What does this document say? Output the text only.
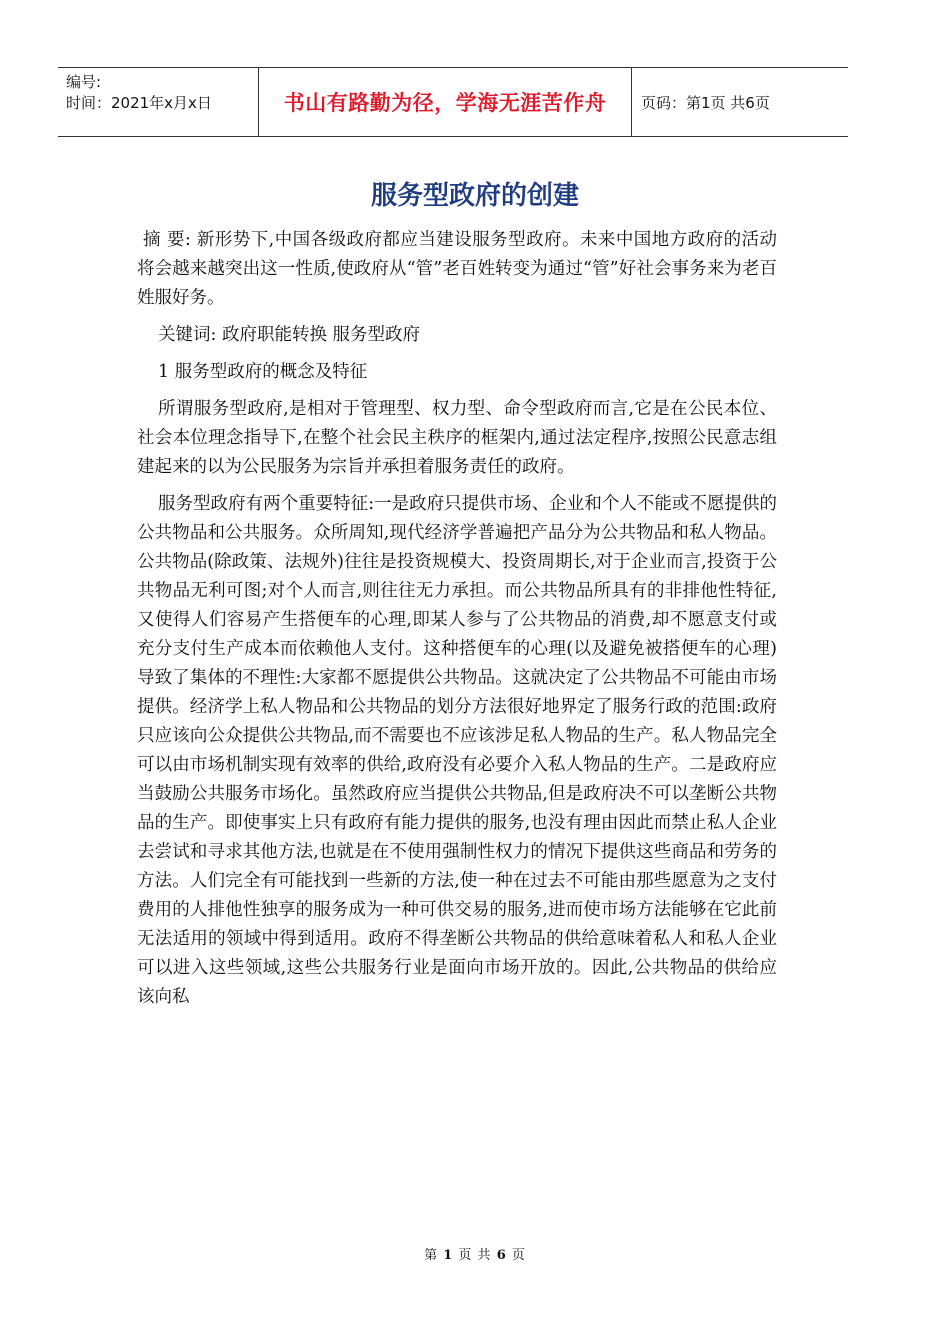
编号:
时间：2021年x月x日	书山有路勤为径，学海无涯苦作舟 页码：第1页 共6页
服务型政府的创建

摘 要: 新形势下,中国各级政府都应当建设服务型政府。未来中国地方政府的活动将会越来越突出这一性质,使政府从“管”老百姓转变为通过“管”好社会事务来为老百姓服好务。

关键词: 政府职能转换 服务型政府

1 服务型政府的概念及特征

所谓服务型政府,是相对于管理型、权力型、命令型政府而言,它是在公民本位、社会本位理念指导下,在整个社会民主秩序的框架内,通过法定程序,按照公民意志组建起来的以为公民服务为宗旨并承担着服务责任的政府。

服务型政府有两个重要特征:一是政府只提供市场、企业和个人不能或不愿提供的公共物品和公共服务。众所周知,现代经济学普遍把产品分为公共物品和私人物品。公共物品(除政策、法规外)往往是投资规模大、投资周期长,对于企业而言,投资于公共物品无利可图;对个人而言,则往往无力承担。而公共物品所具有的非排他性特征,又使得人们容易产生搭便车的心理,即某人参与了公共物品的消费,却不愿意支付或充分支付生产成本而依赖他人支付。这种搭便车的心理(以及避免被搭便车的心理)导致了集体的不理性:大家都不愿提供公共物品。这就决定了公共物品不可能由市场提供。经济学上私人物品和公共物品的划分方法很好地界定了服务行政的范围:政府只应该向公众提供公共物品,而不需要也不应该涉足私人物品的生产。私人物品完全可以由市场机制实现有效率的供给,政府没有必要介入私人物品的生产。二是政府应当鼓励公共服务市场化。虽然政府应当提供公共物品,但是政府决不可以垄断公共物品的生产。即使事实上只有政府有能力提供的服务,也没有理由因此而禁止私人企业去尝试和寻求其他方法,也就是在不使用强制性权力的情况下提供这些商品和劳务的方法。人们完全有可能找到一些新的方法,使一种在过去不可能由那些愿意为之支付费用的人排他性独享的服务成为一种可供交易的服务,进而使市场方法能够在它此前无法适用的领域中得到适用。政府不得垄断公共物品的供给意味着私人和私人企业可以进入这些领域,这些公共服务行业是面向市场开放的。因此,公共物品的供给应该向私

第 1 页 共 6 页
